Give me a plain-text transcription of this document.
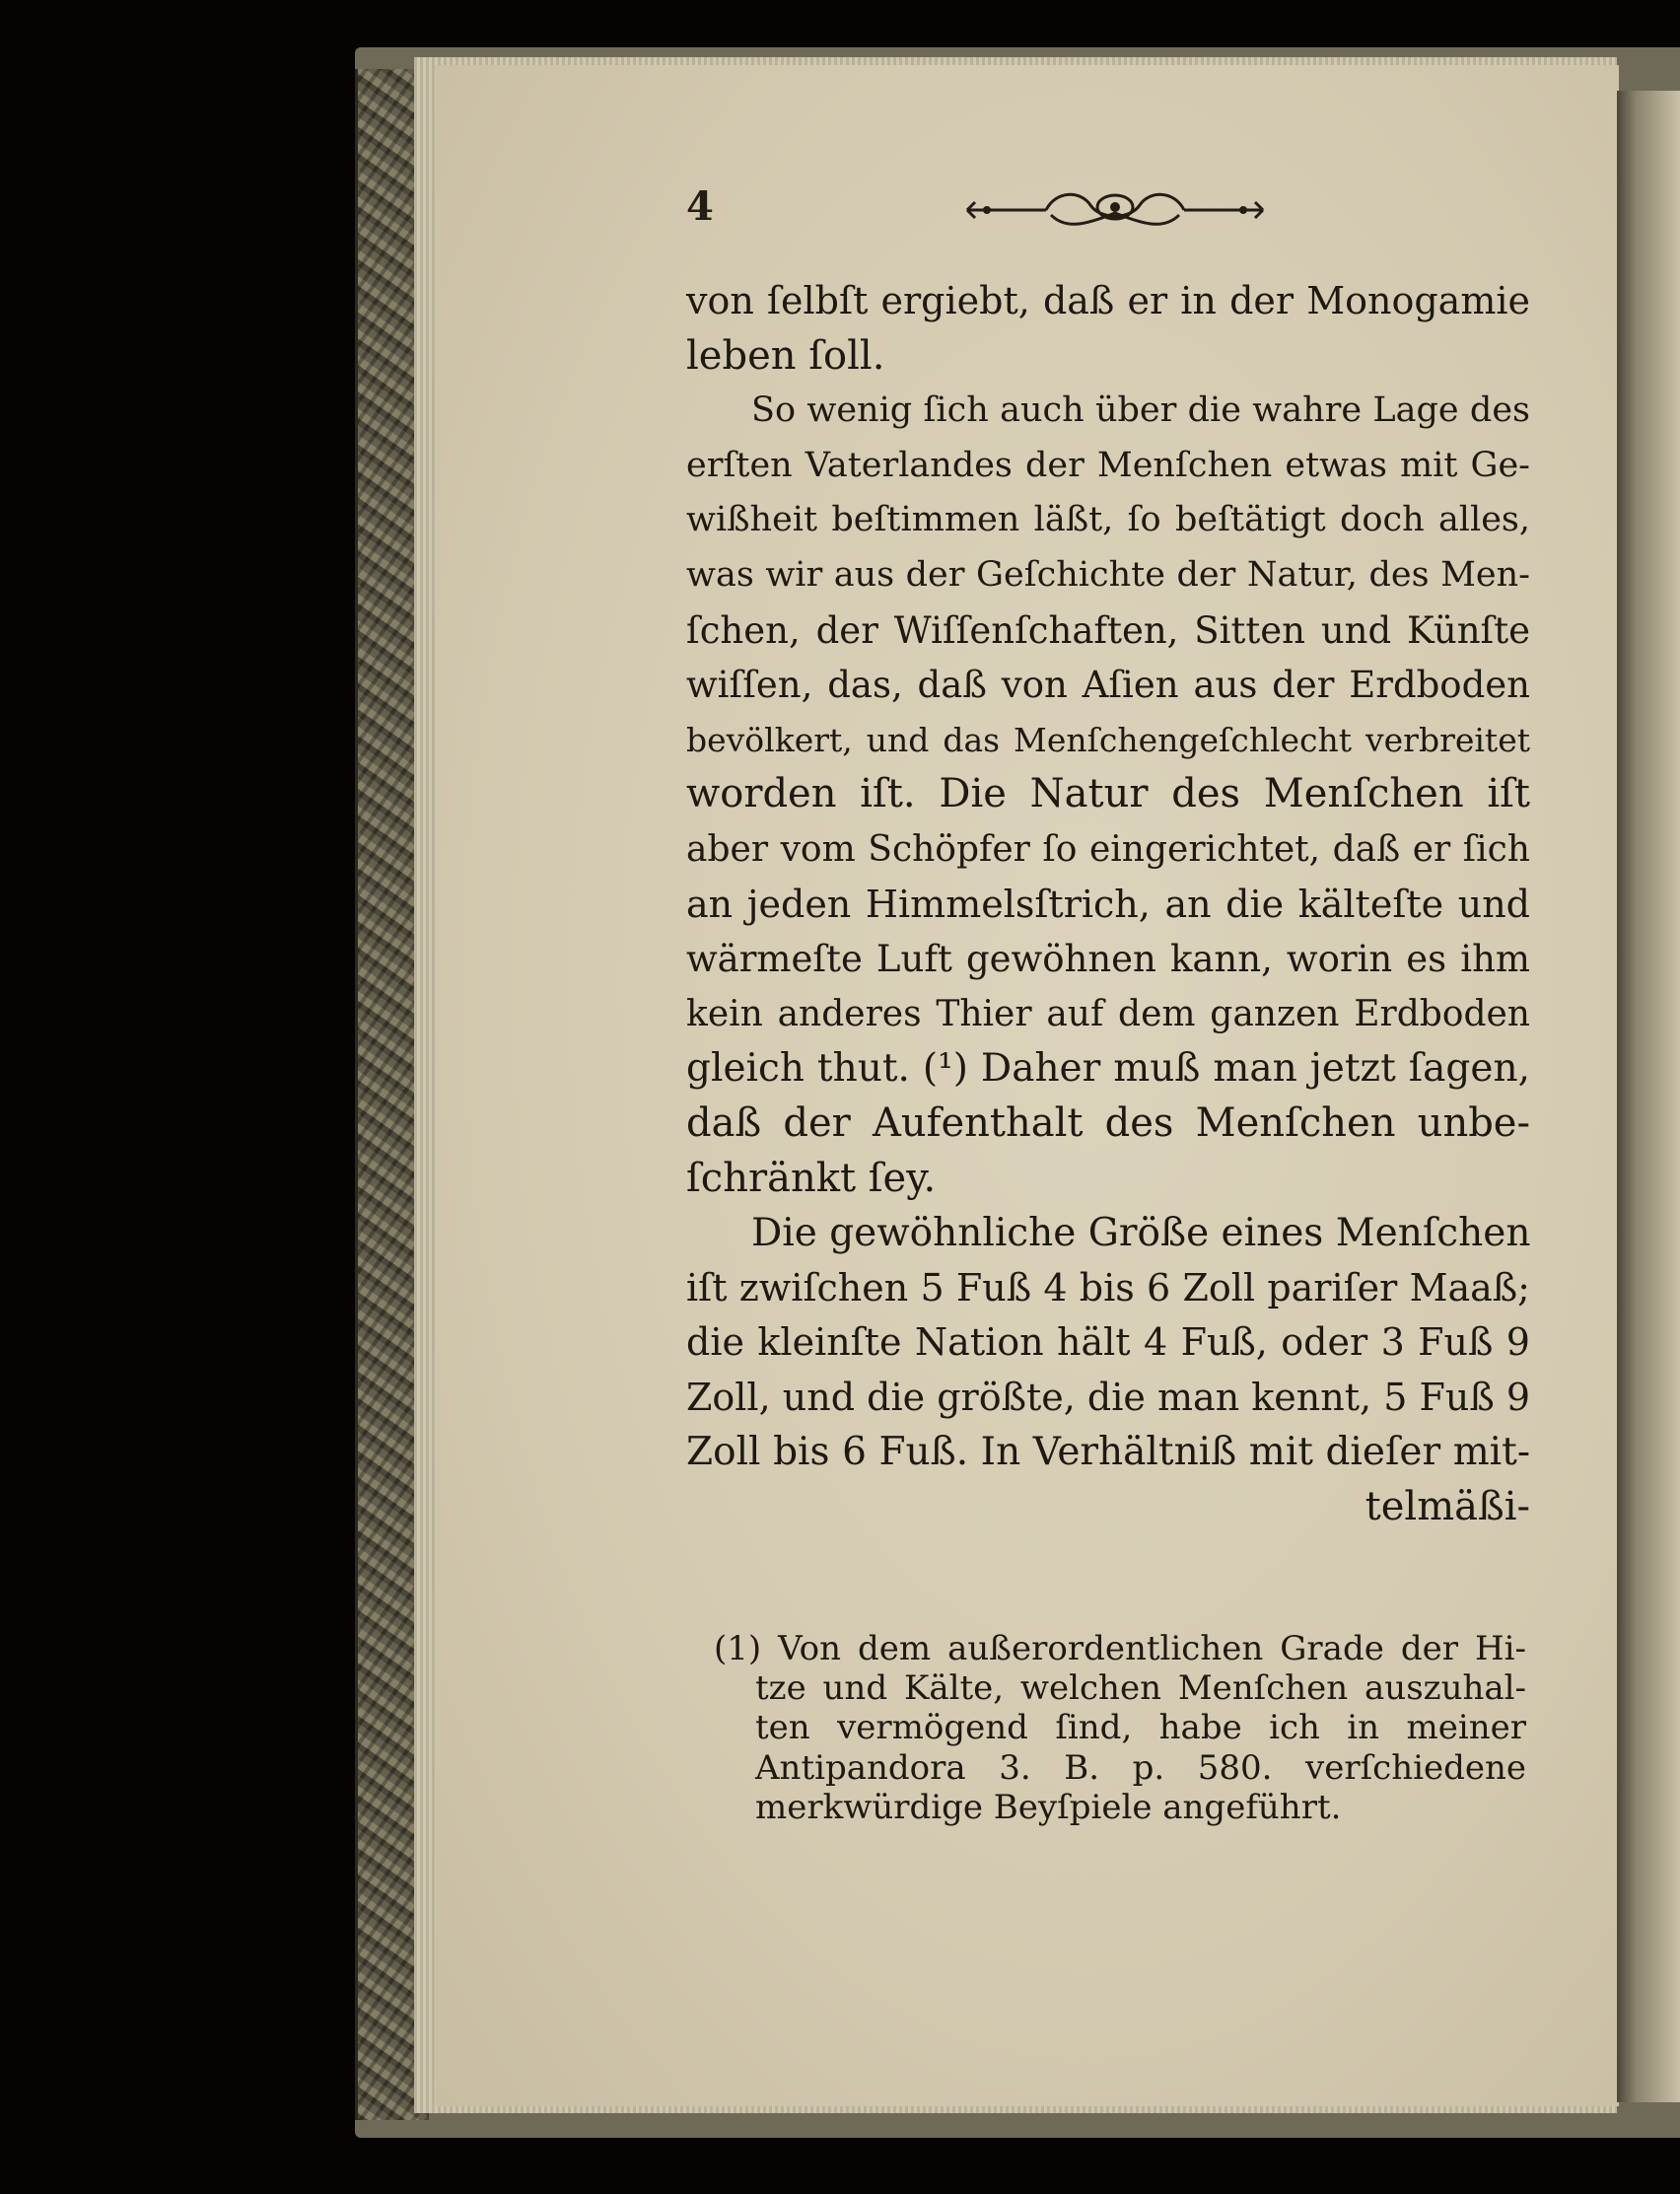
4
von ſelbſt ergiebt, daß er in der Monogamie
leben ſoll.
So wenig ſich auch über die wahre Lage des
erſten Vaterlandes der Menſchen etwas mit Ge-
wißheit beſtimmen läßt, ſo beſtätigt doch alles,
was wir aus der Geſchichte der Natur, des Men-
ſchen, der Wiſſenſchaften, Sitten und Künſte
wiſſen, das, daß von Aſien aus der Erdboden
bevölkert, und das Menſchengeſchlecht verbreitet
worden iſt. Die Natur des Menſchen iſt
aber vom Schöpfer ſo eingerichtet, daß er ſich
an jeden Himmelsſtrich, an die kälteſte und
wärmeſte Luft gewöhnen kann, worin es ihm
kein anderes Thier auf dem ganzen Erdboden
gleich thut. (¹) Daher muß man jetzt ſagen,
daß der Aufenthalt des Menſchen unbe-
ſchränkt ſey.
Die gewöhnliche Größe eines Menſchen
iſt zwiſchen 5 Fuß 4 bis 6 Zoll pariſer Maaß;
die kleinſte Nation hält 4 Fuß, oder 3 Fuß 9
Zoll, und die größte, die man kennt, 5 Fuß 9
Zoll bis 6 Fuß. In Verhältniß mit dieſer mit-
telmäßi-
(1) Von dem außerordentlichen Grade der Hi-
tze und Kälte, welchen Menſchen auszuhal-
ten vermögend ſind, habe ich in meiner
Antipandora 3. B. p. 580. verſchiedene
merkwürdige Beyſpiele angeführt.
